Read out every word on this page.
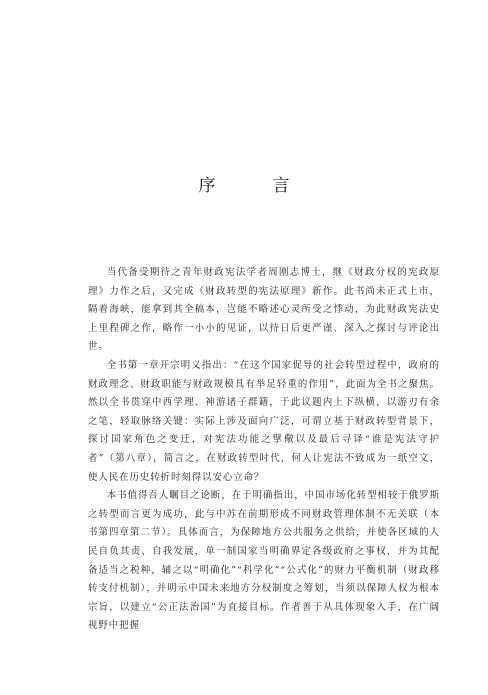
序　言

当代备受期待之青年财政宪法学者周刚志博士，继《财政分权的宪政原理》力作之后，又完成《财政转型的宪法原理》新作。此书尚未正式上市，隔着海峡，能拿到其全稿本，岂能不略述心灵所受之悸动，为此财政宪法史上里程碑之作，略作一小小的见证，以待日后更严谨、深入之探讨与评论出世。

全书第一章开宗明义指出：“在这个国家促导的社会转型过程中，政府的财政理念、财政职能与财政规模具有举足轻重的作用”，此面为全书之聚焦。然以全书贯穿中西学理、神游诸子群籍，于此议题内上下纵横，以游刃有余之笔，轻取脉络关键：实际上涉及面向广泛，可谓立基于财政转型背景下，探讨国家角色之变迁，对宪法功能之擘儆以及最后寻译“谁是宪法守护者”（第八章），简言之，在财政转型时代，何人让宪法不致成为一纸空文，使人民在历史转折时刻得以安心立命？

本书值得吾人瞩目之论断，在于明确指出，中国市场化转型相较于俄罗斯之转型而言更为成功，此与中苏在前期形成不同财政管理体制不无关联（本书第四章第二节）。具体而言，为保障地方公共服务之供给，并使各区域的人民自负其责、自我发展，单一制国家当明确界定各级政府之事权，并为其配备适当之税种，辅之以“明确化”“科学化”“公式化”的财力平衡机制（财政移转支付机制），并明示中国未来地方分权制度之筹划，当须以保障人权为根本宗旨，以建立“公正法治国”为直接目标。作者善于从具体现象入手，在广阔视野中把握
